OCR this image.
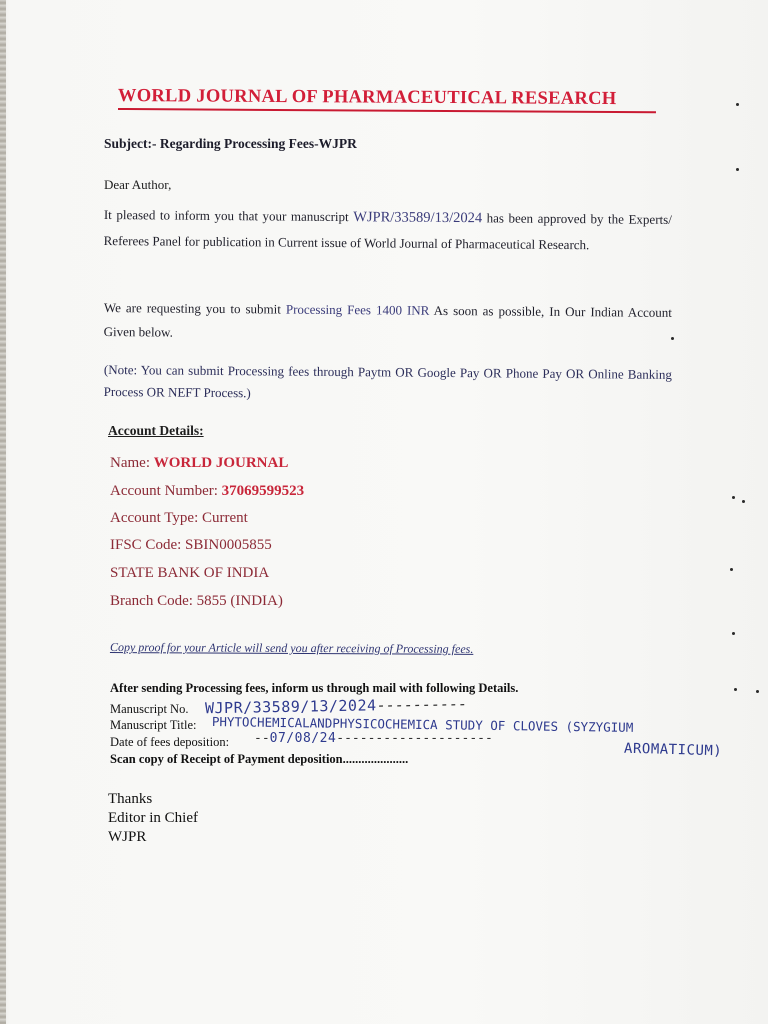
WORLD JOURNAL OF PHARMACEUTICAL RESEARCH
Subject:- Regarding Processing Fees-WJPR
Dear Author,
It pleased to inform you that your manuscript WJPR/33589/13/2024 has been approved by the Experts/ Referees Panel for publication in Current issue of World Journal of Pharmaceutical Research.
We are requesting you to submit Processing Fees 1400 INR As soon as possible, In Our Indian Account Given below.
(Note: You can submit Processing fees through Paytm OR Google Pay OR Phone Pay OR Online Banking Process OR NEFT Process.)
Account Details:
Name: WORLD JOURNAL
Account Number: 37069599523
Account Type: Current
IFSC Code: SBIN0005855
STATE BANK OF INDIA
Branch Code: 5855 (INDIA)
Copy proof for your Article will send you after receiving of Processing fees.
After sending Processing fees, inform us through mail with following Details.
Manuscript No. WJPR/33589/13/2024----------
Manuscript Title: PHYTOCHEMICALANDPHYSICOCHEMICA STUDY OF CLOVES (SYZYGIUM
AROMATICUM)
Date of fees deposition: --07/08/24--------------------
Scan copy of Receipt of Payment deposition.....................
Thanks
Editor in Chief
WJPR
